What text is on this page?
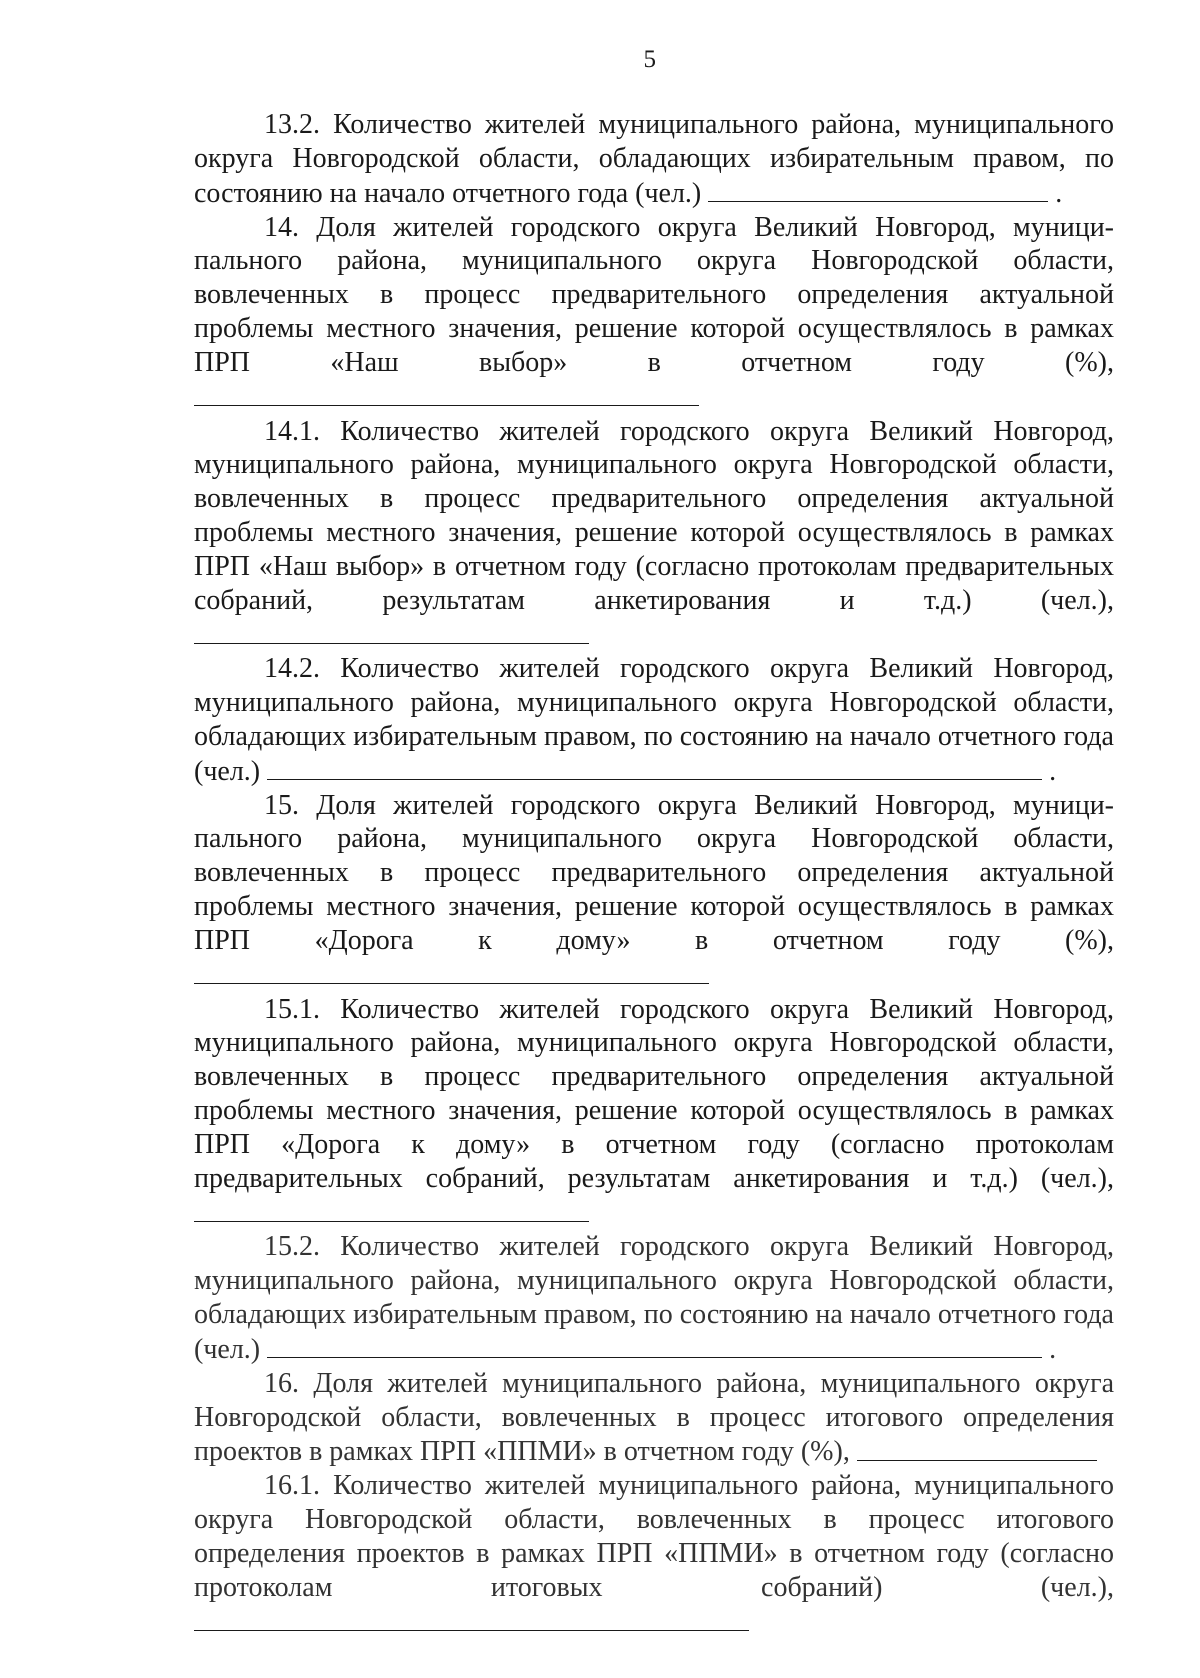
5

13.2. Количество жителей муниципального района, муниципального округа Новгородской области, обладающих избирательным правом, по состоянию на начало отчетного года (чел.)	.

14. Доля жителей городского округа Великий Новгород, муниципального района, муниципального округа Новгородской области, вовлеченных в процесс предварительного определения актуальной проблемы местного значения, решение которой осуществлялось в рамках ПРП «Наш выбор» в отчетном году (%),

14.1. Количество жителей городского округа Великий Новгород, муниципального района, муниципального округа Новгородской области, вовлеченных в процесс предварительного определения актуальной проблемы местного значения, решение которой осуществлялось в рамках ПРП «Наш выбор» в отчетном году (согласно протоколам предварительных собраний, результатам анкетирования и т.д.) (чел.),

14.2. Количество жителей городского округа Великий Новгород, муниципального района, муниципального округа Новгородской области, обладающих избирательным правом, по состоянию на начало отчетного года (чел.)	.

15. Доля жителей городского округа Великий Новгород, муниципального района, муниципального округа Новгородской области, вовлеченных в процесс предварительного определения актуальной проблемы местного значения, решение которой осуществлялось в рамках ПРП «Дорога к дому» в отчетном году (%),

15.1. Количество жителей городского округа Великий Новгород, муниципального района, муниципального округа Новгородской области, вовлеченных в процесс предварительного определения актуальной проблемы местного значения, решение которой осуществлялось в рамках ПРП «Дорога к дому» в отчетном году (согласно протоколам предварительных собраний, результатам анкетирования и т.д.) (чел.),

15.2. Количество жителей городского округа Великий Новгород, муниципального района, муниципального округа Новгородской области, обладающих избирательным правом, по состоянию на начало отчетного года (чел.)	.

16. Доля жителей муниципального района, муниципального округа Новгородской области, вовлеченных в процесс итогового определения проектов в рамках ПРП «ППМИ» в отчетном году (%),

16.1. Количество жителей муниципального района, муниципального округа Новгородской области, вовлеченных в процесс итогового определения проектов в рамках ПРП «ППМИ» в отчетном году (согласно протоколам итоговых собраний) (чел.),
